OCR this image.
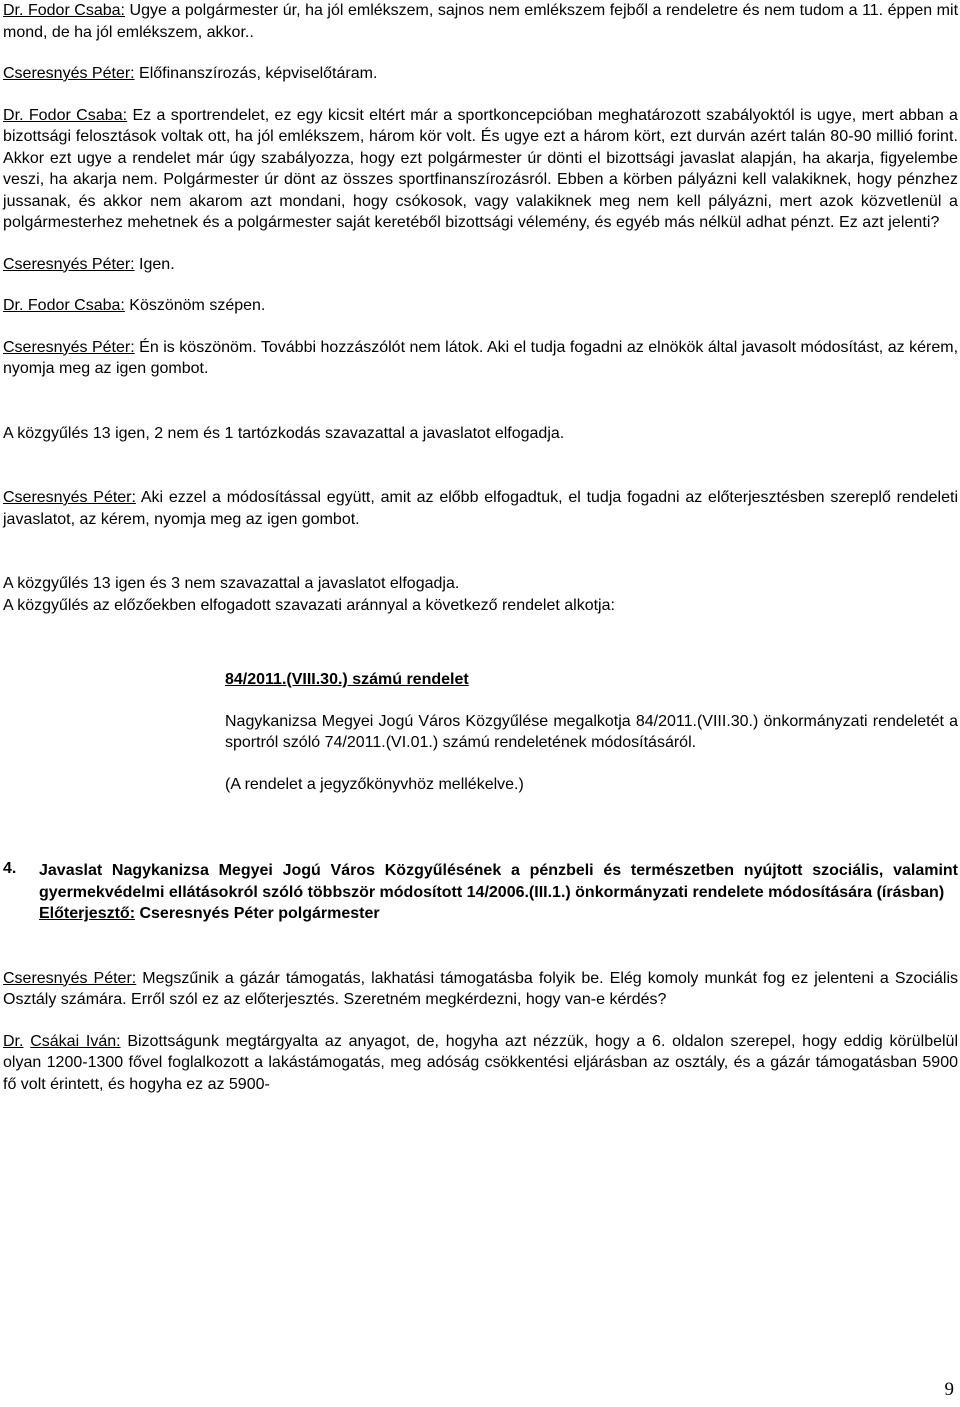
Dr. Fodor Csaba: Ugye a polgármester úr, ha jól emlékszem, sajnos nem emlékszem fejből a rendeletre és nem tudom a 11. éppen mit mond, de ha jól emlékszem, akkor..

Cseresnyés Péter: Előfinanszírozás, képviselőtáram.

Dr. Fodor Csaba: Ez a sportrendelet, ez egy kicsit eltért már a sportkoncepcióban meghatározott szabályoktól is ugye, mert abban a bizottsági felosztások voltak ott, ha jól emlékszem, három kör volt. És ugye ezt a három kört, ezt durván azért talán 80-90 millió forint. Akkor ezt ugye a rendelet már úgy szabályozza, hogy ezt polgármester úr dönti el bizottsági javaslat alapján, ha akarja, figyelembe veszi, ha akarja nem. Polgármester úr dönt az összes sportfinanszírozásról. Ebben a körben pályázni kell valakiknek, hogy pénzhez jussanak, és akkor nem akarom azt mondani, hogy csókosok, vagy valakiknek meg nem kell pályázni, mert azok közvetlenül a polgármesterhez mehetnek és a polgármester saját keretéből bizottsági vélemény, és egyéb más nélkül adhat pénzt. Ez azt jelenti?

Cseresnyés Péter: Igen.

Dr. Fodor Csaba: Köszönöm szépen.

Cseresnyés Péter: Én is köszönöm. További hozzászólót nem látok. Aki el tudja fogadni az elnökök által javasolt módosítást, az kérem, nyomja meg az igen gombot.

A közgyűlés 13 igen, 2 nem és 1 tartózkodás szavazattal a javaslatot elfogadja.

Cseresnyés Péter: Aki ezzel a módosítással együtt, amit az előbb elfogadtuk, el tudja fogadni az előterjesztésben szereplő rendeleti javaslatot, az kérem, nyomja meg az igen gombot.

A közgyűlés 13 igen és 3 nem szavazattal a javaslatot elfogadja.

A közgyűlés az előzőekben elfogadott szavazati aránnyal a következő rendelet alkotja:

84/2011.(VIII.30.) számú rendelet

Nagykanizsa Megyei Jogú Város Közgyűlése megalkotja 84/2011.(VIII.30.) önkormányzati rendeletét a sportról szóló 74/2011.(VI.01.) számú rendeletének módosításáról.

(A rendelet a jegyzőkönyvhöz mellékelve.)

4.	Javaslat Nagykanizsa Megyei Jogú Város Közgyűlésének a pénzbeli és természetben nyújtott szociális, valamint gyermekvédelmi ellátásokról szóló többször módosított 14/2006.(III.1.) önkormányzati rendelete módosítására (írásban)
Előterjesztő: Cseresnyés Péter polgármester

Cseresnyés Péter: Megszűnik a gázár támogatás, lakhatási támogatásba folyik be. Elég komoly munkát fog ez jelenteni a Szociális Osztály számára. Erről szól ez az előterjesztés. Szeretném megkérdezni, hogy van-e kérdés?

Dr. Csákai Iván: Bizottságunk megtárgyalta az anyagot, de, hogyha azt nézzük, hogy a 6. oldalon szerepel, hogy eddig körülbelül olyan 1200-1300 fővel foglalkozott a lakástámogatás, meg adóság csökkentési eljárásban az osztály, és a gázár támogatásban 5900 fő volt érintett, és hogyha ez az 5900-

9
